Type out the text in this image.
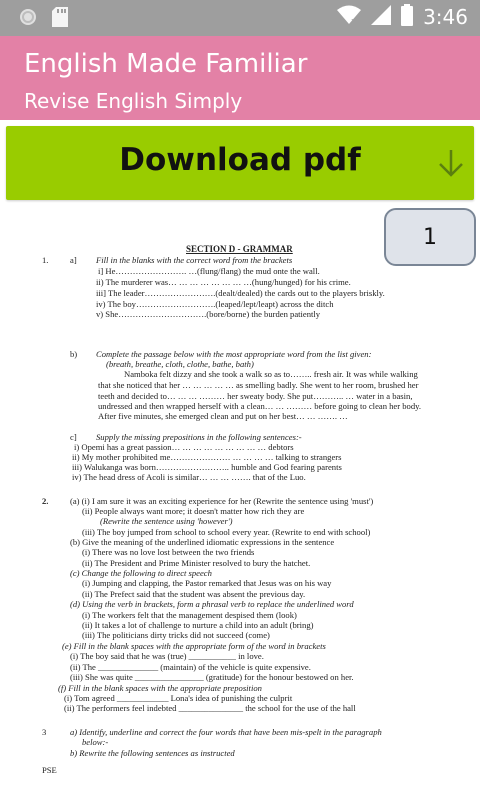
x	3:46
English Made Familiar
Revise English Simply
Download pdf
SECTION D - GRAMMAR
1.	a] Fill in the blanks with the correct word from the brackets
i] He……………………. …(flung/flang) the mud onte the wall.
ii) The murderer was… … … … … … … …(hung/hunged) for his crime.
iii] The leader…………………….(dealt/dealed) the cards out to the players briskly.
iv) The boy……………………….(leaped/lept/leapt) across the ditch
v) She………………………….(bore/borne) the burden patiently
b) Complete the passage below with the most appropriate word from the list given:
(breath, breathe, cloth, clothe, bathe, bath)
Namboka felt dizzy and she took a walk so as to…….. fresh air. It was while walking
that she noticed that her … … … … … as smelling badly. She went to her room, brushed her
teeth and decided to… … … ……… her sweaty body. She put……….. … water in a basin,
undressed and then wrapped herself with a clean… … ……… before going to clean her body.
After five minutes, she emerged clean and put on her best… … ……. …
c] Supply the missing prepositions in the following sentences:-
i) Opemi has a great passion… … … … … … … … … debtors
ii) My mother prohibited me………………… … … … … talking to strangers
iii) Walukanga was born…………………….. humble and God fearing parents
iv) The head dress of Acoli is similar… … … ……. that of the Luo.
2.	(a) (i) I am sure it was an exciting experience for her (Rewrite the sentence using 'must')
(ii) People always want more; it doesn't matter how rich they are
(Rewrite the sentence using 'however')
(iii) The boy jumped from school to school every year. (Rewrite to end with school)
(b) Give the meaning of the underlined idiomatic expressions in the sentence
(i) There was no love lost between the two friends
(ii) The President and Prime Minister resolved to bury the hatchet.
(c) Change the following to direct speech
(i) Jumping and clapping, the Pastor remarked that Jesus was on his way
(ii) The Prefect said that the student was absent the previous day.
(d) Using the verb in brackets, form a phrasal verb to replace the underlined word
(i) The workers felt that the management despised them (look)
(ii) It takes a lot of challenge to nurture a child into an adult (bring)
(iii) The politicians dirty tricks did not succeed (come)
(e) Fill in the blank spaces with the appropriate form of the word in brackets
(i) The boy said that he was (true) ___________ in love.
(ii) The ______________ (maintain) of the vehicle is quite expensive.
(iii) She was quite ________________ (gratitude) for the honour bestowed on her.
(f) Fill in the blank spaces with the appropriate preposition
(i) Tom agreed ____________ Lona's idea of punishing the culprit
(ii) The performers feel indebted _______________ the school for the use of the hall
3	a) Identify, underline and correct the four words that have been mis-spelt in the paragraph
below:-
b) Rewrite the following sentences as instructed
PSE
1
